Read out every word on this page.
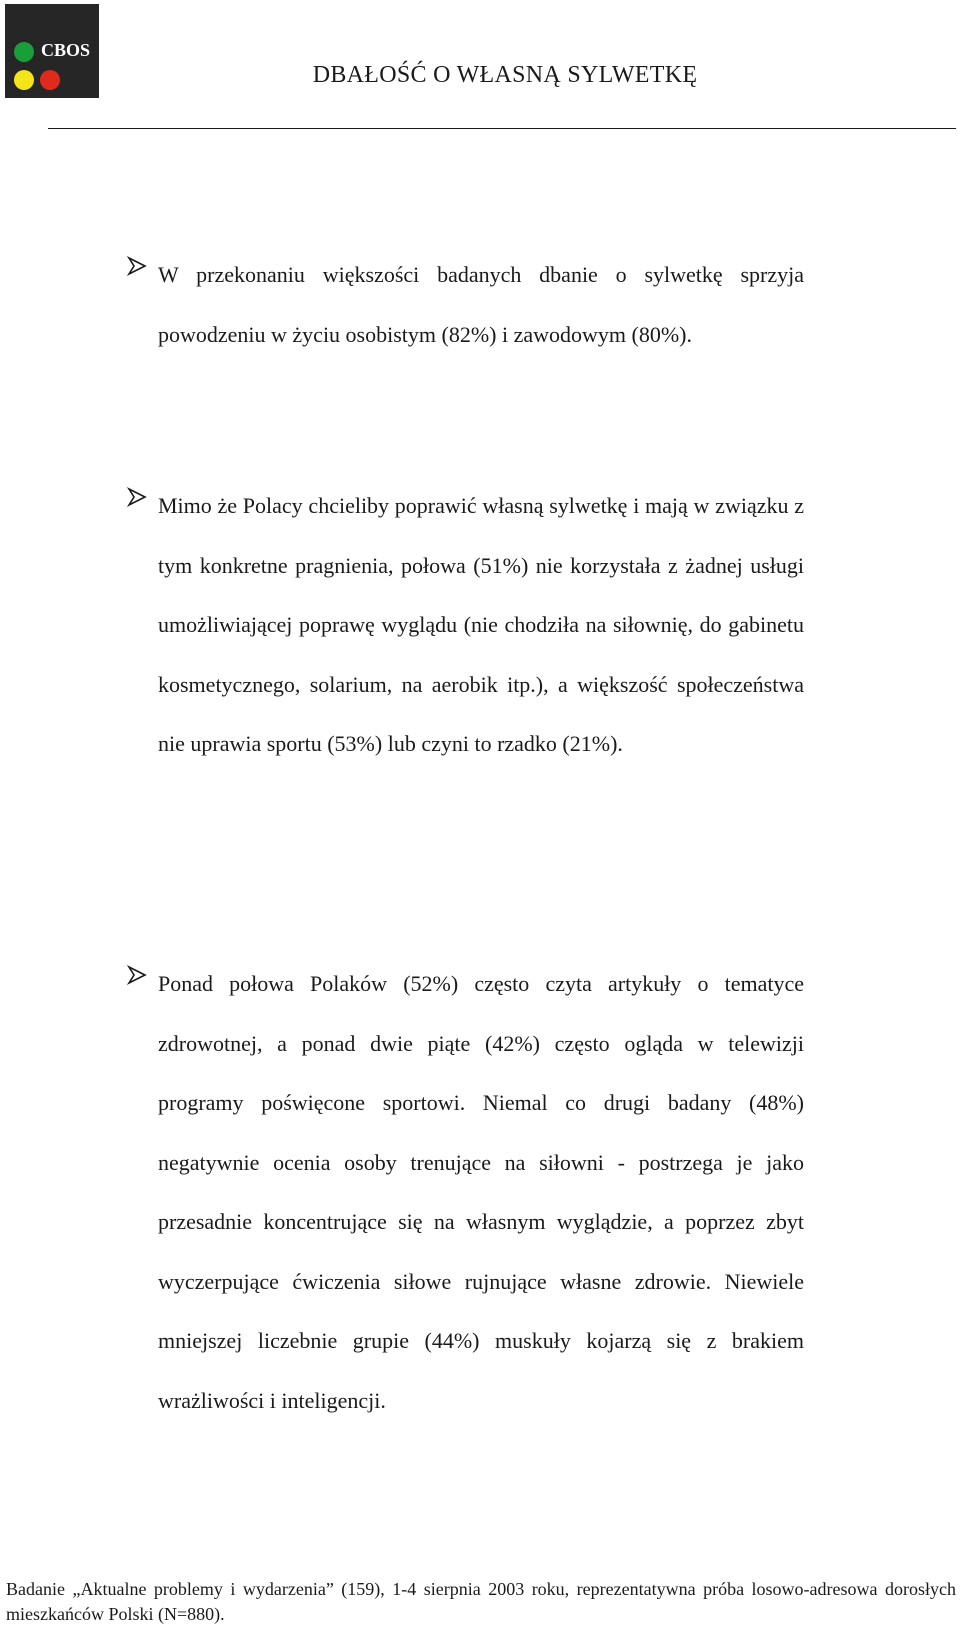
CBOS
DBAŁOŚĆ O WŁASNĄ SYLWETKĘ
W przekonaniu większości badanych dbanie o sylwetkę sprzyja powodzeniu w życiu osobistym (82%) i zawodowym (80%).
Mimo że Polacy chcieliby poprawić własną sylwetkę i mają w związku z tym konkretne pragnienia, połowa (51%) nie korzystała z żadnej usługi umożliwiającej poprawę wyglądu (nie chodziła na siłownię, do gabinetu kosmetycznego, solarium, na aerobik itp.), a większość społeczeństwa nie uprawia sportu (53%) lub czyni to rzadko (21%).
Ponad połowa Polaków (52%) często czyta artykuły o tematyce zdrowotnej, a ponad dwie piąte (42%) często ogląda w telewizji programy poświęcone sportowi. Niemal co drugi badany (48%) negatywnie ocenia osoby trenujące na siłowni - postrzega je jako przesadnie koncentrujące się na własnym wyglądzie, a poprzez zbyt wyczerpujące ćwiczenia siłowe rujnujące własne zdrowie. Niewiele mniejszej liczebnie grupie (44%) muskuły kojarzą się z brakiem wrażliwości i inteligencji.
Badanie „Aktualne problemy i wydarzenia” (159), 1-4 sierpnia 2003 roku, reprezentatywna próba losowo-adresowa dorosłych mieszkańców Polski (N=880).
